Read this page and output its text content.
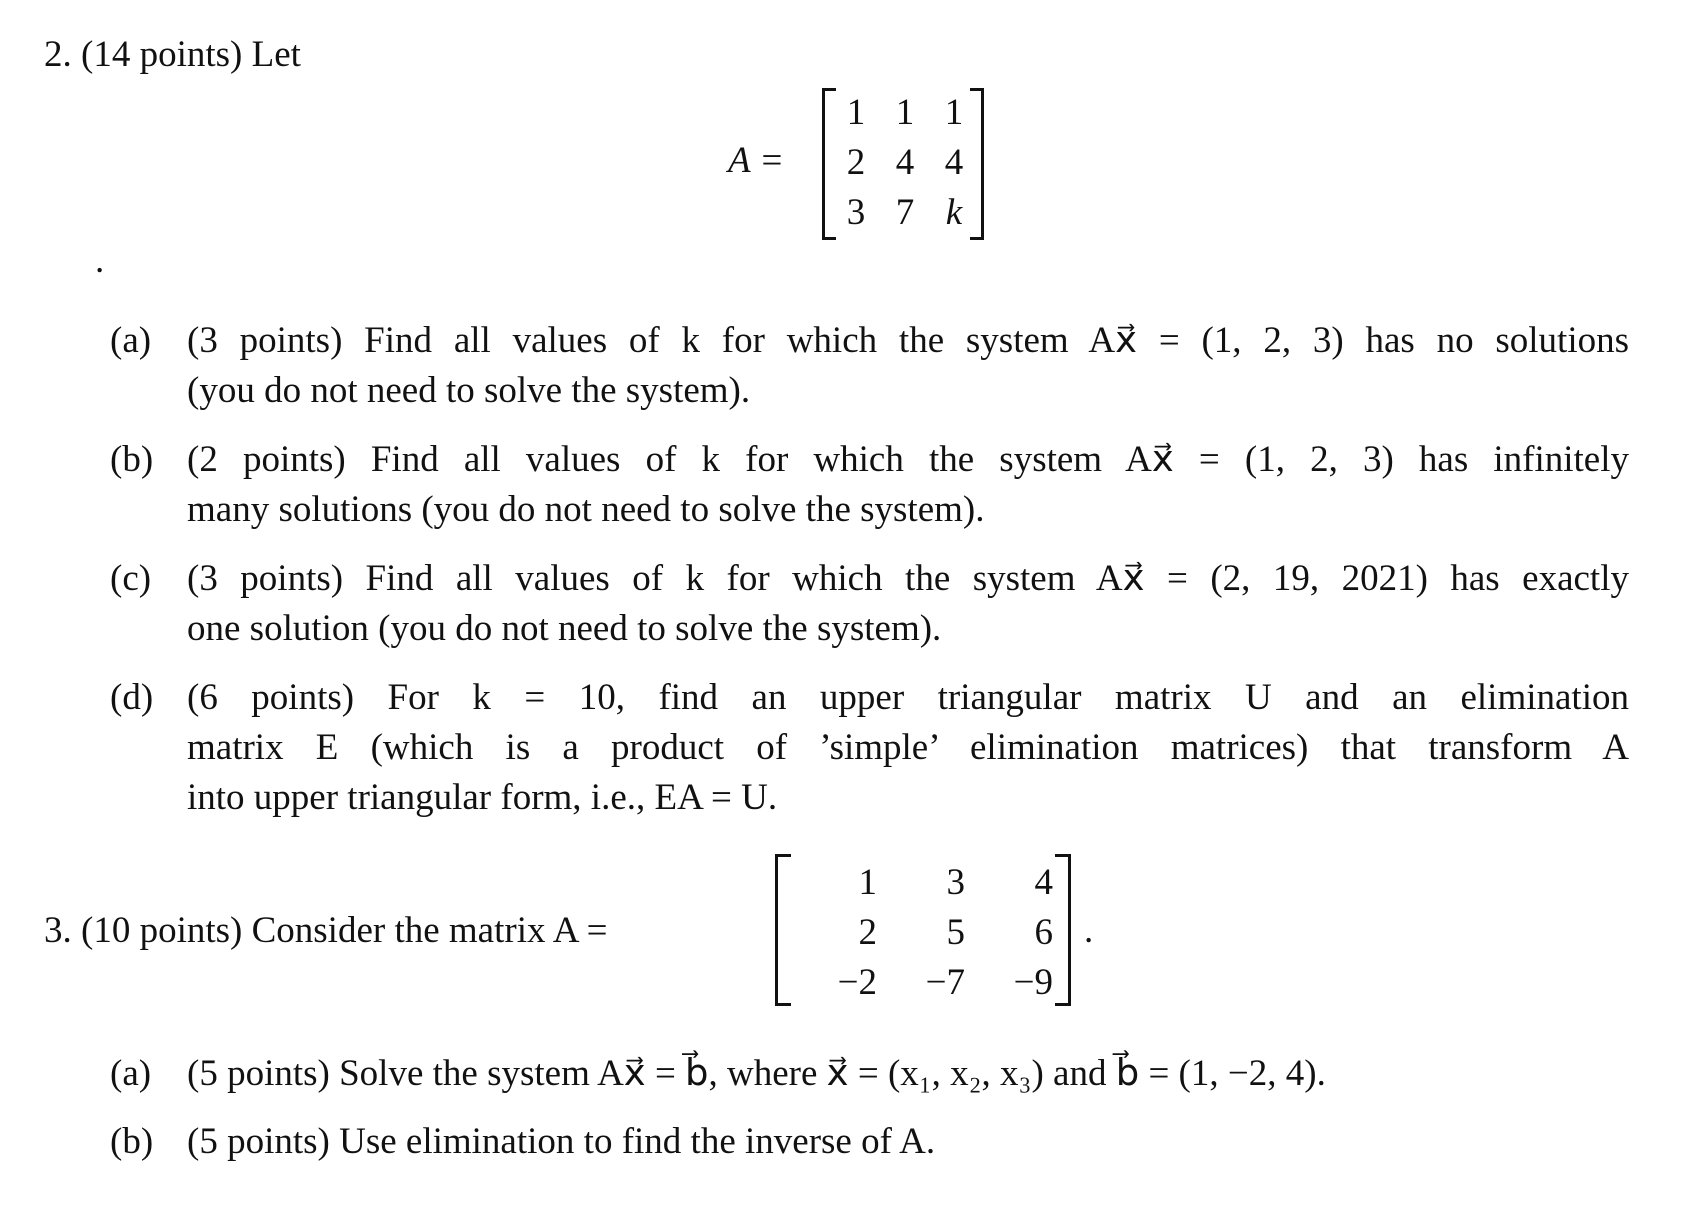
2. (14 points) Let
A =
1 1 1
2 4 4
3 7 k
.
(a) (3 points) Find all values of k for which the system Ax⃗ = (1, 2, 3) has no solutions
(you do not need to solve the system).
(b) (2 points) Find all values of k for which the system Ax⃗ = (1, 2, 3) has infinitely
many solutions (you do not need to solve the system).
(c) (3 points) Find all values of k for which the system Ax⃗ = (2, 19, 2021) has exactly
one solution (you do not need to solve the system).
(d) (6 points) For k = 10, find an upper triangular matrix U and an elimination
matrix E (which is a product of ’simple’ elimination matrices) that transform A
into upper triangular form, i.e., EA = U.
3. (10 points) Consider the matrix A =
1	3	4
2	5	6
−2	−7	−9
.
(a) (5 points) Solve the system Ax⃗ = b⃗, where x⃗ = (x₁, x₂, x₃) and b⃗ = (1, −2, 4).
(b) (5 points) Use elimination to find the inverse of A.
